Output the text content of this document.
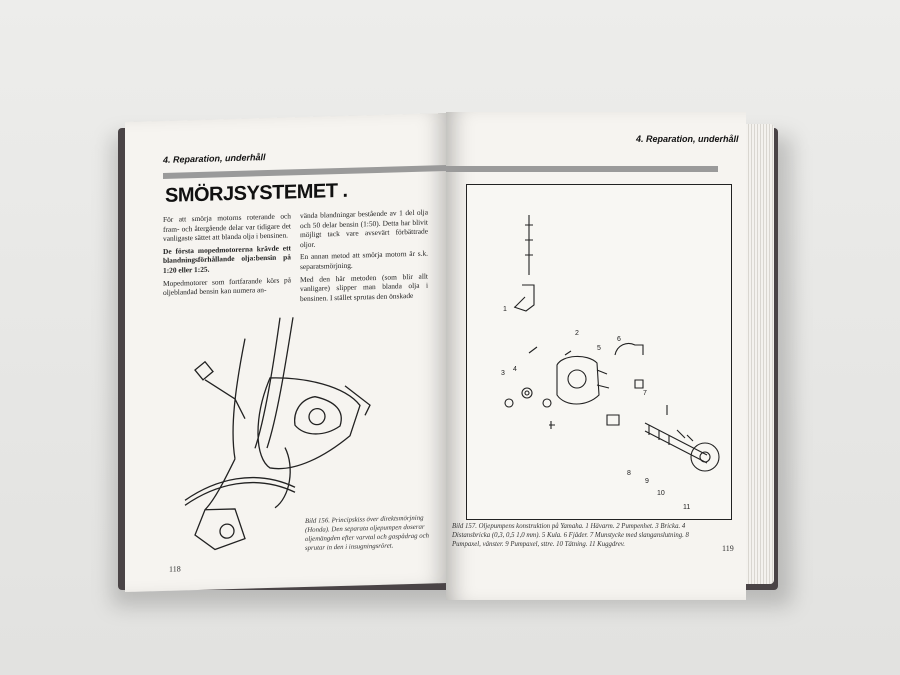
4. Reparation, underhåll
SMÖRJSYSTEMET .

För att smörja motorns roterande och fram- och återgående delar var tidigare det vanligaste sättet att blanda olja i bensinen.

De första mopedmotorerna krävde ett blandningsförhållande olja:bensin på 1:20 eller 1:25.

Mopedmotorer som fortfarande körs på oljeblandad bensin kan numera an-

vända blandningar bestående av 1 del olja och 50 delar bensin (1:50). Detta har blivit möjligt tack vare avsevärt förbättrade oljor.

En annan metod att smörja motorn är s.k. separatsmörjning.

Med den här metoden (som blir allt vanligare) slipper man blanda olja i bensinen. I stället sprutas den önskade

Bild 156. Principskiss över direktsmörjning (Honda). Den separata oljepumpen doserar oljemängden efter varvtal och gaspådrag och sprutar in den i insugningsröret.
118
4. Reparation, underhåll
1
2
3
4
5
6
7
8
9
10
11
Bild 157. Oljepumpens konstruktion på Yamaha. 1 Hävarm. 2 Pumpenhet. 3 Bricka. 4 Distansbricka (0,3, 0,5 1,0 mm). 5 Kula. 6 Fjäder. 7 Munstycke med slanganslutning. 8 Pumpaxel, vänster. 9 Pumpaxel, sttre. 10 Tätning. 11 Kuggdrev.	119
